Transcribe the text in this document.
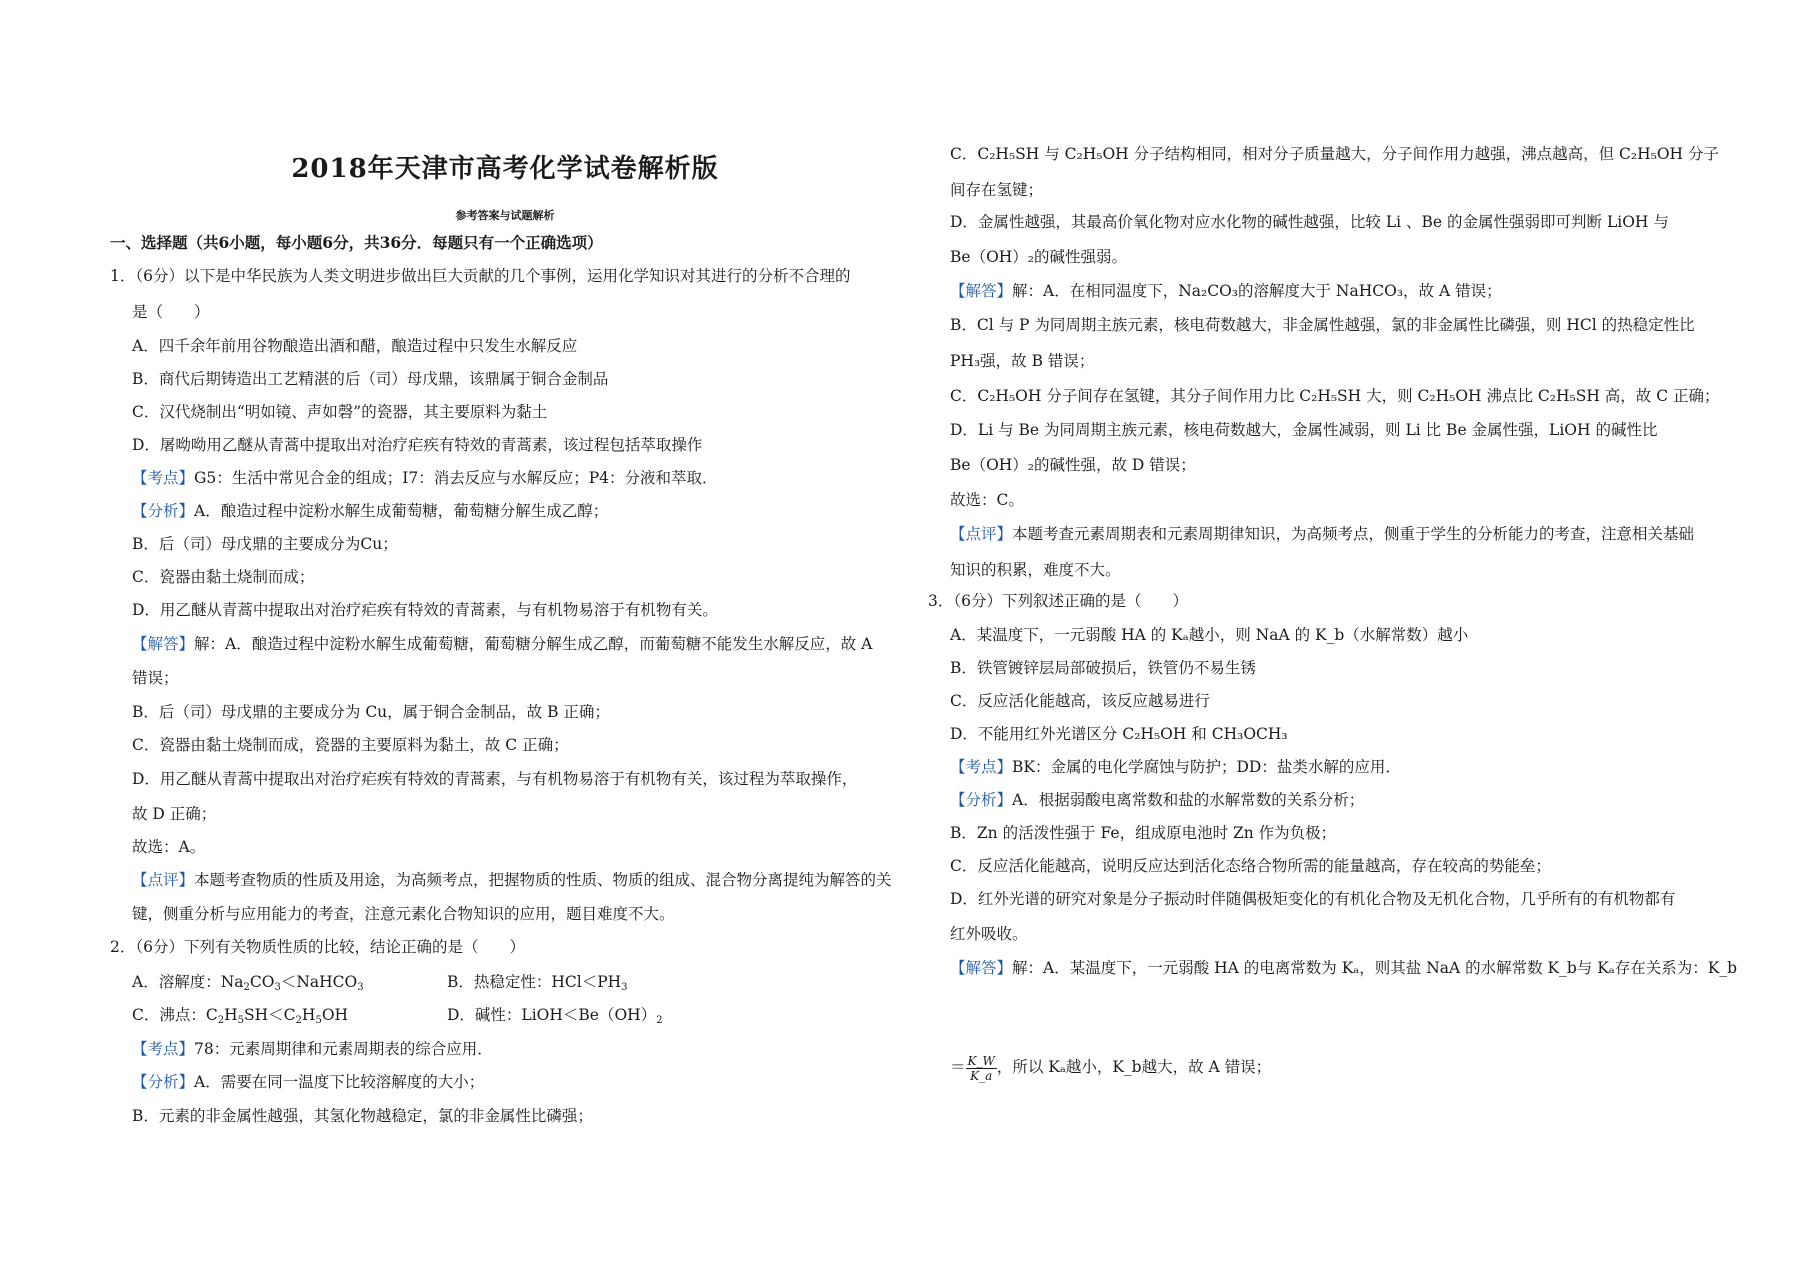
2018年天津市高考化学试卷解析版
参考答案与试题解析
一、选择题（共6小题，每小题6分，共36分．每题只有一个正确选项）
1．（6分）以下是中华民族为人类文明进步做出巨大贡献的几个事例，运用化学知识对其进行的分析不合理的
是（　　）
A．四千余年前用谷物酿造出酒和醋，酿造过程中只发生水解反应
B．商代后期铸造出工艺精湛的后（司）母戊鼎，该鼎属于铜合金制品
C．汉代烧制出“明如镜、声如磬”的瓷器，其主要原料为黏土
D．屠呦呦用乙醚从青蒿中提取出对治疗疟疾有特效的青蒿素，该过程包括萃取操作
【考点】G5：生活中常见合金的组成；I7：消去反应与水解反应；P4：分液和萃取．
【分析】A．酿造过程中淀粉水解生成葡萄糖，葡萄糖分解生成乙醇；
B．后（司）母戊鼎的主要成分为Cu；
C．瓷器由黏土烧制而成；
D．用乙醚从青蒿中提取出对治疗疟疾有特效的青蒿素，与有机物易溶于有机物有关。
【解答】解：A．酿造过程中淀粉水解生成葡萄糖，葡萄糖分解生成乙醇，而葡萄糖不能发生水解反应，故 A
错误；
B．后（司）母戊鼎的主要成分为 Cu，属于铜合金制品，故 B 正确；
C．瓷器由黏土烧制而成，瓷器的主要原料为黏土，故 C 正确；
D．用乙醚从青蒿中提取出对治疗疟疾有特效的青蒿素，与有机物易溶于有机物有关，该过程为萃取操作，
故 D 正确；
故选：A。
【点评】本题考查物质的性质及用途，为高频考点，把握物质的性质、物质的组成、混合物分离提纯为解答的关
键，侧重分析与应用能力的考查，注意元素化合物知识的应用，题目难度不大。
2．（6分）下列有关物质性质的比较，结论正确的是（　　）
A．溶解度：$Na_2CO_3<NaHCO_3$	B．热稳定性：$HCl<PH_3$
C．沸点：$C_2H_5SH<C_2H_5OH$	D．碱性：$LiOH<Be(OH)_2$
【考点】78：元素周期律和元素周期表的综合应用．
【分析】A．需要在同一温度下比较溶解度的大小；
B．元素的非金属性越强，其氢化物越稳定，氯的非金属性比磷强；
C．C₂H₅SH 与 C₂H₅OH 分子结构相同，相对分子质量越大，分子间作用力越强，沸点越高，但 C₂H₅OH 分子
间存在氢键；
D．金属性越强，其最高价氧化物对应水化物的碱性越强，比较 Li 、Be 的金属性强弱即可判断 LiOH 与
Be（OH）₂的碱性强弱。
【解答】解：A．在相同温度下，Na₂CO₃的溶解度大于 NaHCO₃，故 A 错误；
B．Cl 与 P 为同周期主族元素，核电荷数越大，非金属性越强，氯的非金属性比磷强，则 HCl 的热稳定性比
PH₃强，故 B 错误；
C．C₂H₅OH 分子间存在氢键，其分子间作用力比 C₂H₅SH 大，则 C₂H₅OH 沸点比 C₂H₅SH 高，故 C 正确；
D．Li 与 Be 为同周期主族元素，核电荷数越大，金属性减弱，则 Li 比 Be 金属性强，LiOH 的碱性比
Be（OH）₂的碱性强，故 D 错误；
故选：C。
【点评】本题考查元素周期表和元素周期律知识，为高频考点，侧重于学生的分析能力的考查，注意相关基础
知识的积累，难度不大。
3．（6分）下列叙述正确的是（　　）
A．某温度下，一元弱酸 HA 的 Kₐ越小，则 NaA 的 K_b（水解常数）越小
B．铁管镀锌层局部破损后，铁管仍不易生锈
C．反应活化能越高，该反应越易进行
D．不能用红外光谱区分 C₂H₅OH 和 CH₃OCH₃
【考点】BK：金属的电化学腐蚀与防护；DD：盐类水解的应用．
【分析】A．根据弱酸电离常数和盐的水解常数的关系分析；
B．Zn 的活泼性强于 Fe，组成原电池时 Zn 作为负极；
C．反应活化能越高，说明反应达到活化态络合物所需的能量越高，存在较高的势能垒；
D．红外光谱的研究对象是分子振动时伴随偶极矩变化的有机化合物及无机化合物，几乎所有的有机物都有
红外吸收。
【解答】解：A．某温度下，一元弱酸 HA 的电离常数为 Kₐ，则其盐 NaA 的水解常数 K_b与 Kₐ存在关系为：K_b
＝ $\frac{K\_W}{K\_a}$ ，所以 Kₐ越小，K_b越大，故 A 错误；
